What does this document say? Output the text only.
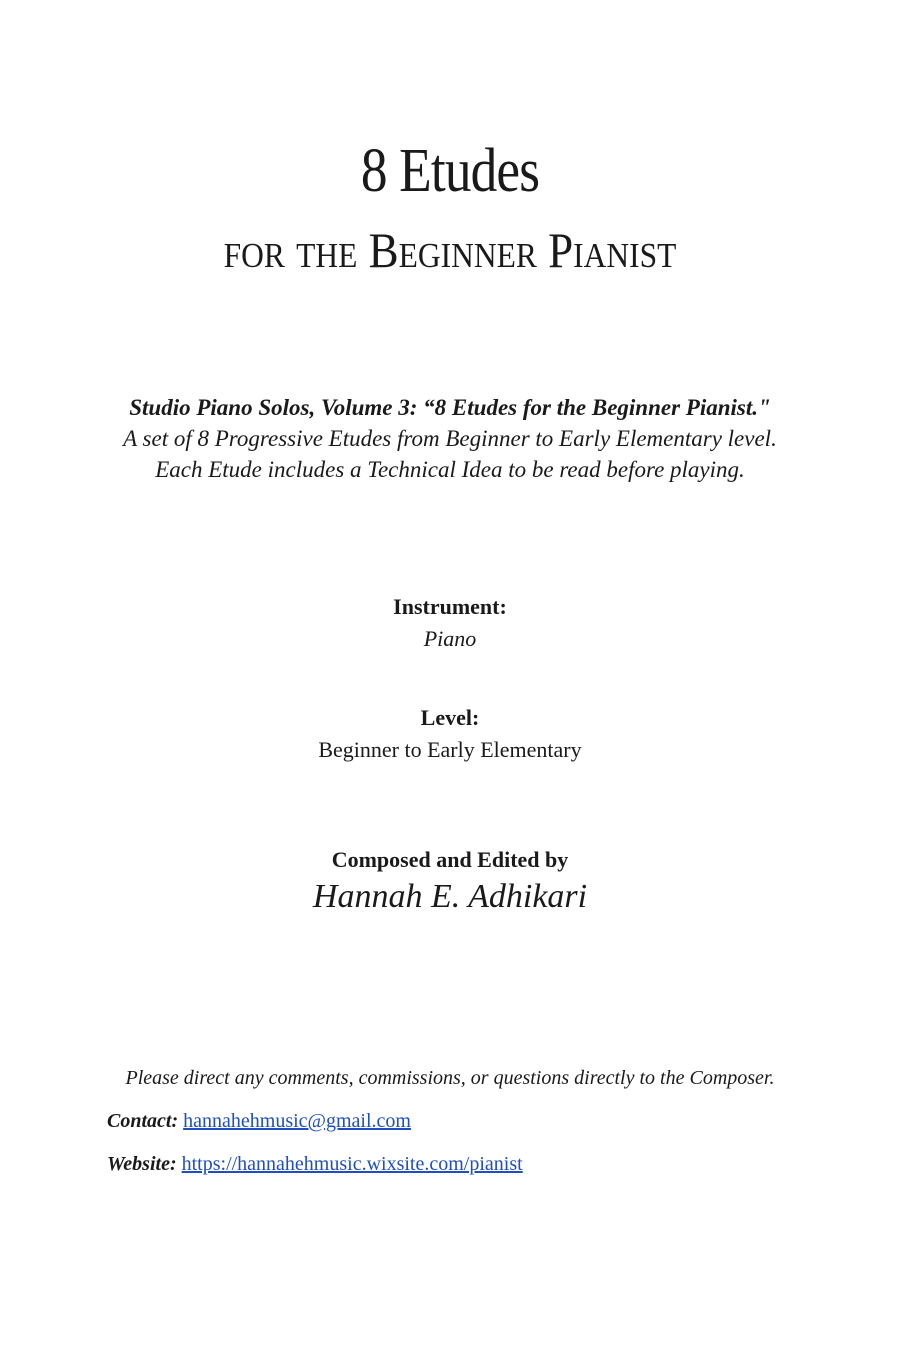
8 Etudes
for the Beginner Pianist
Studio Piano Solos, Volume 3: “8 Etudes for the Beginner Pianist."
A set of 8 Progressive Etudes from Beginner to Early Elementary level.
Each Etude includes a Technical Idea to be read before playing.
Instrument:
Piano
Level:
Beginner to Early Elementary
Composed and Edited by
Hannah E. Adhikari
Please direct any comments, commissions, or questions directly to the Composer.
Contact: hannahehmusic@gmail.com
Website: https://hannahehmusic.wixsite.com/pianist
